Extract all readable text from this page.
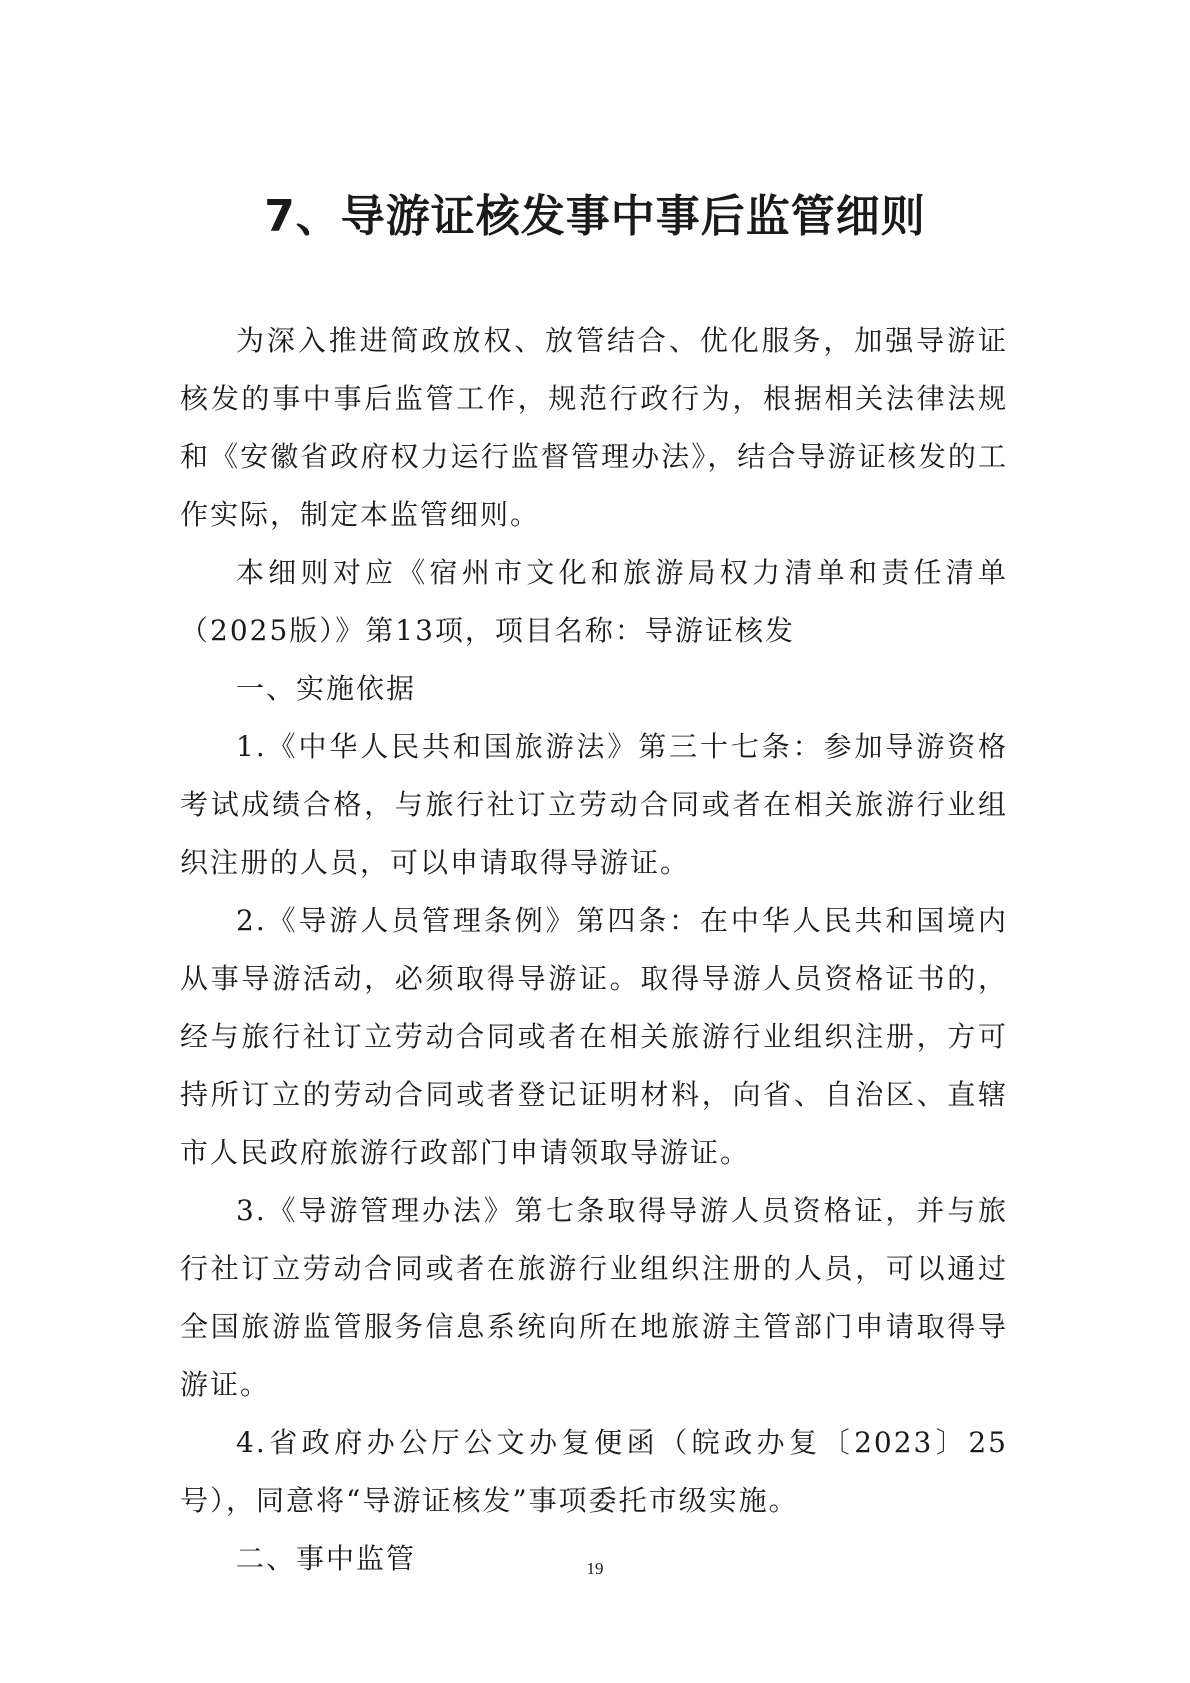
7、导游证核发事中事后监管细则

为深入推进简政放权、放管结合、优化服务，加强导游证核发的事中事后监管工作，规范行政行为，根据相关法律法规和《安徽省政府权力运行监督管理办法》，结合导游证核发的工作实际，制定本监管细则。

本细则对应《宿州市文化和旅游局权力清单和责任清单（2025版）》第13项，项目名称：导游证核发

一、实施依据

1.《中华人民共和国旅游法》第三十七条：参加导游资格考试成绩合格，与旅行社订立劳动合同或者在相关旅游行业组织注册的人员，可以申请取得导游证。

2.《导游人员管理条例》第四条：在中华人民共和国境内从事导游活动，必须取得导游证。取得导游人员资格证书的，经与旅行社订立劳动合同或者在相关旅游行业组织注册，方可持所订立的劳动合同或者登记证明材料，向省、自治区、直辖市人民政府旅游行政部门申请领取导游证。

3.《导游管理办法》第七条取得导游人员资格证，并与旅行社订立劳动合同或者在旅游行业组织注册的人员，可以通过全国旅游监管服务信息系统向所在地旅游主管部门申请取得导游证。

4.省政府办公厅公文办复便函（皖政办复〔2023〕25号），同意将“导游证核发”事项委托市级实施。

二、事中监管	19
